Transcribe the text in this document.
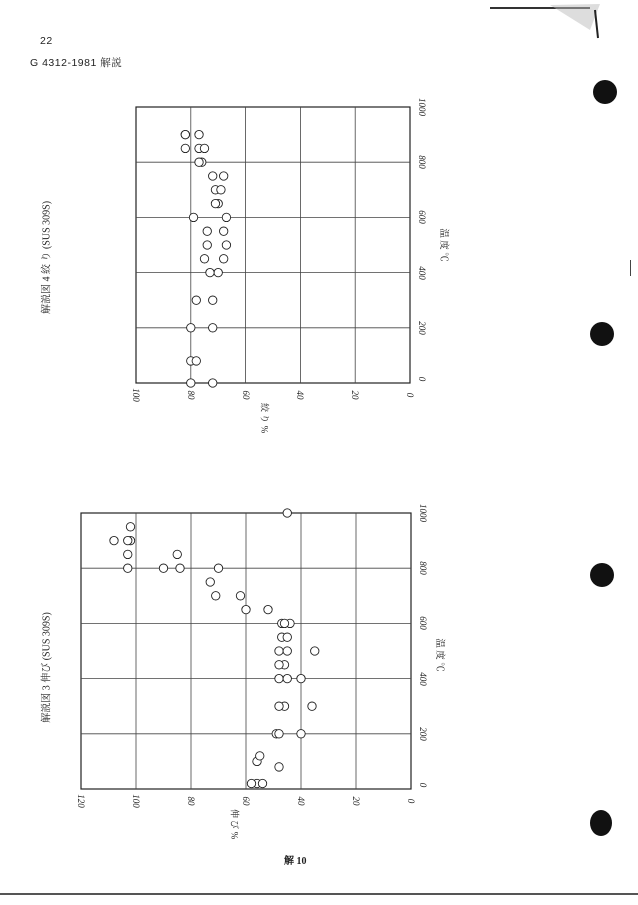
22
G 4312-1981 解説
解説図 4 絞 り (SUS 309S)	温 度 ℃
絞
り
%
解説図 3 伸び (SUS 309S)	温 度 ℃
伸
び
%
解 10
0
200
400
600
800
1000
0
20
40
60
80
100
0
200
400
600
800
1000
0
20
40
60
80
100
120
